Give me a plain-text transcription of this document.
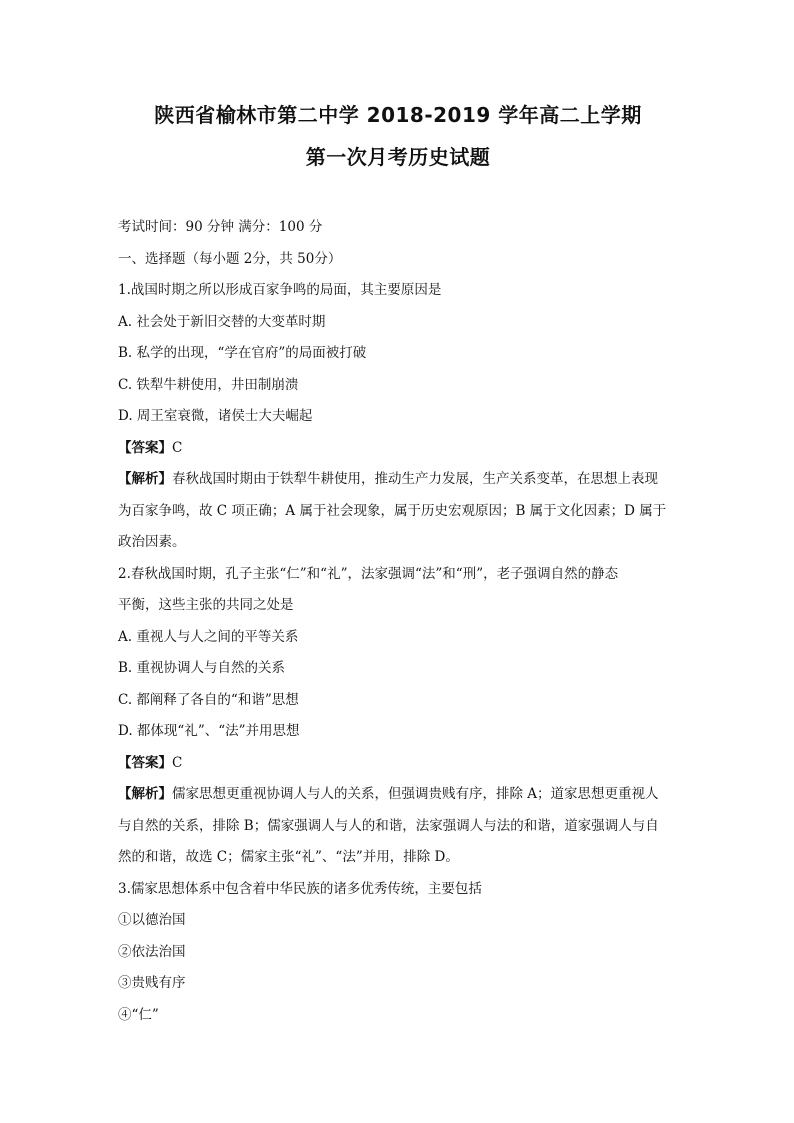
陕西省榆林市第二中学 2018-2019 学年高二上学期
第一次月考历史试题
考试时间：90 分钟 满分：100 分
一、选择题（每小题 2分，共 50分）
1.战国时期之所以形成百家争鸣的局面，其主要原因是
A. 社会处于新旧交替的大变革时期
B. 私学的出现，“学在官府”的局面被打破
C. 铁犁牛耕使用，井田制崩溃
D. 周王室衰微，诸侯士大夫崛起
【答案】C
【解析】春秋战国时期由于铁犁牛耕使用，推动生产力发展，生产关系变革，在思想上表现
为百家争鸣，故 C 项正确；A 属于社会现象，属于历史宏观原因；B 属于文化因素；D 属于
政治因素。
2.春秋战国时期，孔子主张“仁”和“礼”，法家强调“法”和“刑”，老子强调自然的静态
平衡，这些主张的共同之处是
A. 重视人与人之间的平等关系
B. 重视协调人与自然的关系
C. 都阐释了各自的“和谐”思想
D. 都体现“礼”、“法”并用思想
【答案】C
【解析】儒家思想更重视协调人与人的关系，但强调贵贱有序，排除 A；道家思想更重视人
与自然的关系，排除 B；儒家强调人与人的和谐，法家强调人与法的和谐，道家强调人与自
然的和谐，故选 C；儒家主张“礼”、“法”并用，排除 D。
3.儒家思想体系中包含着中华民族的诸多优秀传统，主要包括
①以德治国
②依法治国
③贵贱有序
④“仁”
